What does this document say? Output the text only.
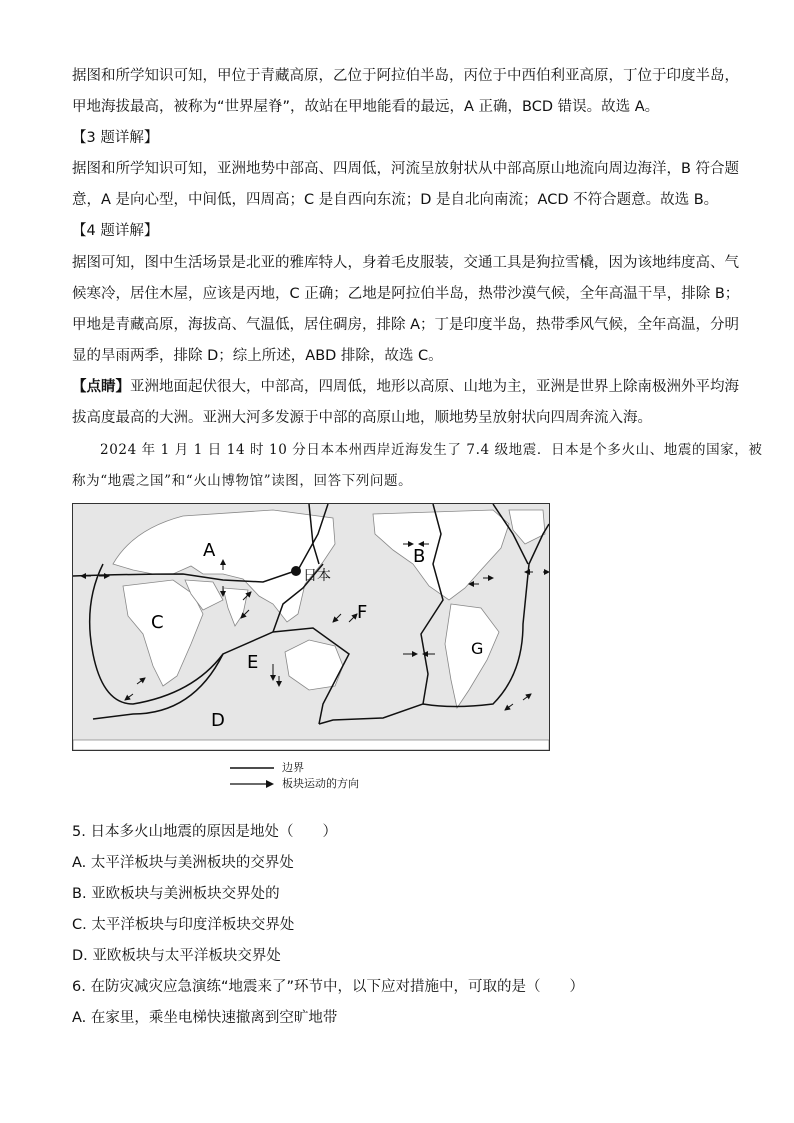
据图和所学知识可知，甲位于青藏高原，乙位于阿拉伯半岛，丙位于中西伯利亚高原，丁位于印度半岛，
甲地海拔最高，被称为“世界屋脊”，故站在甲地能看的最远，A 正确，BCD 错误。故选 A。
【3 题详解】
据图和所学知识可知，亚洲地势中部高、四周低，河流呈放射状从中部高原山地流向周边海洋，B 符合题
意，A 是向心型，中间低，四周高；C 是自西向东流；D 是自北向南流；ACD 不符合题意。故选 B。
【4 题详解】
据图可知，图中生活场景是北亚的雅库特人，身着毛皮服装，交通工具是狗拉雪橇，因为该地纬度高、气
候寒冷，居住木屋，应该是丙地，C 正确；乙地是阿拉伯半岛，热带沙漠气候，全年高温干旱，排除 B；
甲地是青藏高原，海拔高、气温低，居住碉房，排除 A；丁是印度半岛，热带季风气候，全年高温，分明
显的旱雨两季，排除 D；综上所述，ABD 排除，故选 C。
【点睛】亚洲地面起伏很大，中部高，四周低，地形以高原、山地为主，亚洲是世界上除南极洲外平均海
拔高度最高的大洲。亚洲大河多发源于中部的高原山地，顺地势呈放射状向四周奔流入海。
2024 年 1 月 1 日 14 时 10 分日本本州西岸近海发生了 7.4 级地震．日本是个多火山、地震的国家，被
称为“地震之国”和“火山博物馆”读图，回答下列问题。
日本
A	B
C
D
E
F
G
边界
板块运动的方向
5. 日本多火山地震的原因是地处（　　）
A. 太平洋板块与美洲板块的交界处
B. 亚欧板块与美洲板块交界处的
C. 太平洋板块与印度洋板块交界处
D. 亚欧板块与太平洋板块交界处
6. 在防灾减灾应急演练“地震来了”环节中，以下应对措施中，可取的是（　　）
A. 在家里，乘坐电梯快速撤离到空旷地带
